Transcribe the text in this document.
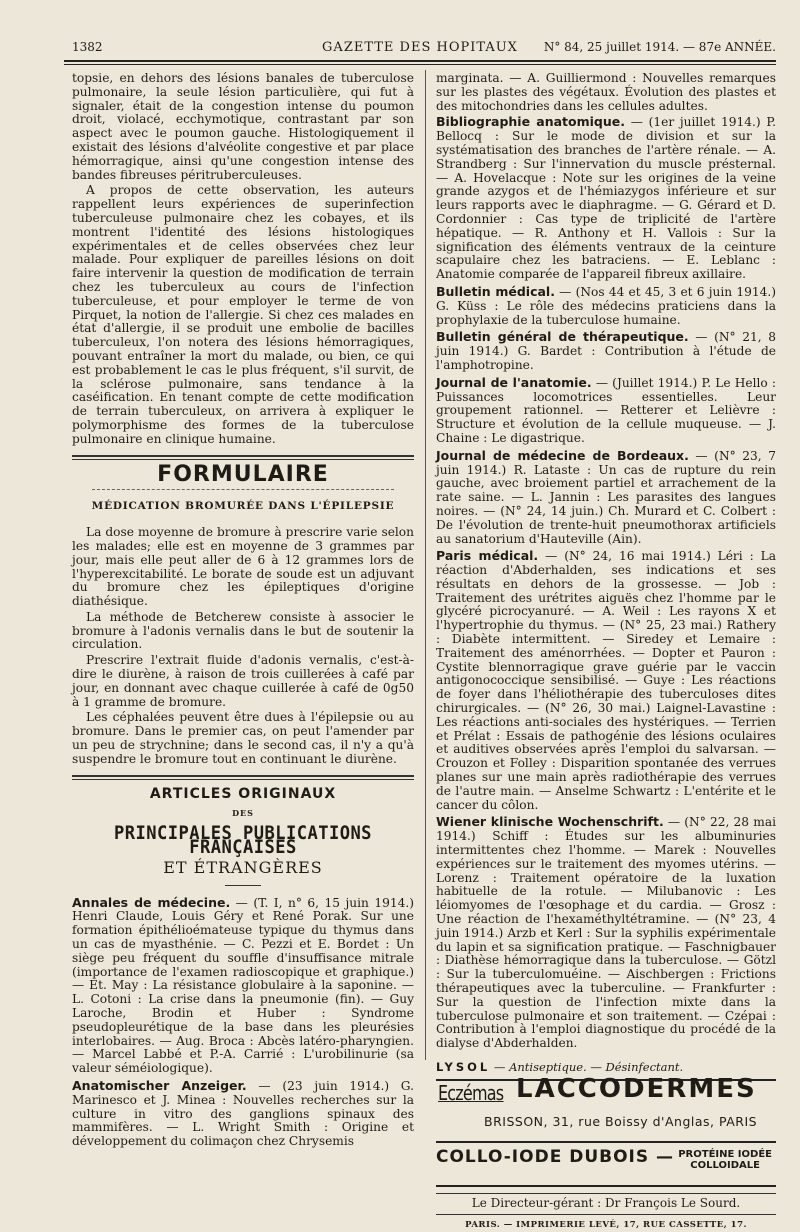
1382	GAZETTE DES HOPITAUX	N° 84, 25 juillet 1914. — 87e ANNÉE.

topsie, en dehors des lésions banales de tuberculose pulmonaire, la seule lésion particulière, qui fut à signaler, était de la congestion intense du poumon droit, violacé, ecchymotique, contrastant par son aspect avec le poumon gauche. Histologiquement il existait des lésions d'alvéolite congestive et par place hémorragique, ainsi qu'une congestion intense des bandes fibreuses péritruberculeuses.

A propos de cette observation, les auteurs rappellent leurs expériences de superinfection tuberculeuse pulmonaire chez les cobayes, et ils montrent l'identité des lésions histologiques expérimentales et de celles observées chez leur malade. Pour expliquer de pareilles lésions on doit faire intervenir la question de modification de terrain chez les tuberculeux au cours de l'infection tuberculeuse, et pour employer le terme de von Pirquet, la notion de l'allergie. Si chez ces malades en état d'allergie, il se produit une embolie de bacilles tuberculeux, l'on notera des lésions hémorragiques, pouvant entraîner la mort du malade, ou bien, ce qui est probablement le cas le plus fréquent, s'il survit, de la sclérose pulmonaire, sans tendance à la caséification. En tenant compte de cette modification de terrain tuberculeux, on arrivera à expliquer le polymorphisme des formes de la tuberculose pulmonaire en clinique humaine.

FORMULAIRE
MÉDICATION BROMURÉE DANS L'ÉPILEPSIE

La dose moyenne de bromure à prescrire varie selon les malades; elle est en moyenne de 3 grammes par jour, mais elle peut aller de 6 à 12 grammes lors de l'hyperexcitabilité. Le borate de soude est un adjuvant du bromure chez les épileptiques d'origine diathésique.

La méthode de Betcherew consiste à associer le bromure à l'adonis vernalis dans le but de soutenir la circulation.

Prescrire l'extrait fluide d'adonis vernalis, c'est-à-dire le diurène, à raison de trois cuillerées à café par jour, en donnant avec chaque cuillerée à café de 0g50 à 1 gramme de bromure.

Les céphalées peuvent être dues à l'épilepsie ou au bromure. Dans le premier cas, on peut l'amender par un peu de strychnine; dans le second cas, il n'y a qu'à suspendre le bromure tout en continuant le diurène.

ARTICLES ORIGINAUX
DES
PRINCIPALES PUBLICATIONS FRANÇAISES
ET ÉTRANGÈRES

Annales de médecine. — (T. I, n° 6, 15 juin 1914.) Henri Claude, Louis Géry et René Porak. Sur une formation épithélioémateuse typique du thymus dans un cas de myasthénie. — C. Pezzi et E. Bordet : Un siège peu fréquent du souffle d'insuffisance mitrale (importance de l'examen radioscopique et graphique.) — Et. May : La résistance globulaire à la saponine. — L. Cotoni : La crise dans la pneumonie (fin). — Guy Laroche, Brodin et Huber : Syndrome pseudopleurétique de la base dans les pleurésies interlobaires. — Aug. Broca : Abcès latéro-pharyngien. — Marcel Labbé et P.-A. Carrié : L'urobilinurie (sa valeur séméiologique).

Anatomischer Anzeiger. — (23 juin 1914.) G. Marinesco et J. Minea : Nouvelles recherches sur la culture in vitro des ganglions spinaux des mammifères. — L. Wright Smith : Origine et développement du colimaçon chez Chrysemis

marginata. — A. Guilliermond : Nouvelles remarques sur les plastes des végétaux. Évolution des plastes et des mitochondries dans les cellules adultes.

Bibliographie anatomique. — (1er juillet 1914.) P. Bellocq : Sur le mode de division et sur la systématisation des branches de l'artère rénale. — A. Strandberg : Sur l'innervation du muscle présternal. — A. Hovelacque : Note sur les origines de la veine grande azygos et de l'hémiazygos inférieure et sur leurs rapports avec le diaphragme. — G. Gérard et D. Cordonnier : Cas type de triplicité de l'artère hépatique. — R. Anthony et H. Vallois : Sur la signification des éléments ventraux de la ceinture scapulaire chez les batraciens. — E. Leblanc : Anatomie comparée de l'appareil fibreux axillaire.

Bulletin médical. — (Nos 44 et 45, 3 et 6 juin 1914.) G. Küss : Le rôle des médecins praticiens dans la prophylaxie de la tuberculose humaine.

Bulletin général de thérapeutique. — (N° 21, 8 juin 1914.) G. Bardet : Contribution à l'étude de l'amphotropine.

Journal de l'anatomie. — (Juillet 1914.) P. Le Hello : Puissances locomotrices essentielles. Leur groupement rationnel. — Retterer et Lelièvre : Structure et évolution de la cellule muqueuse. — J. Chaine : Le digastrique.

Journal de médecine de Bordeaux. — (N° 23, 7 juin 1914.) R. Lataste : Un cas de rupture du rein gauche, avec broiement partiel et arrachement de la rate saine. — L. Jannin : Les parasites des langues noires. — (N° 24, 14 juin.) Ch. Murard et C. Colbert : De l'évolution de trente-huit pneumothorax artificiels au sanatorium d'Hauteville (Ain).

Paris médical. — (N° 24, 16 mai 1914.) Léri : La réaction d'Abderhalden, ses indications et ses résultats en dehors de la grossesse. — Job : Traitement des urétrites aiguës chez l'homme par le glycéré picrocyanuré. — A. Weil : Les rayons X et l'hypertrophie du thymus. — (N° 25, 23 mai.) Rathery : Diabète intermittent. — Siredey et Lemaire : Traitement des aménorrhées. — Dopter et Pauron : Cystite blennorragique grave guérie par le vaccin antigonococcique sensibilisé. — Guye : Les réactions de foyer dans l'héliothérapie des tuberculoses dites chirurgicales. — (N° 26, 30 mai.) Laignel-Lavastine : Les réactions anti-sociales des hystériques. — Terrien et Prélat : Essais de pathogénie des lésions oculaires et auditives observées après l'emploi du salvarsan. — Crouzon et Folley : Disparition spontanée des verrues planes sur une main après radiothérapie des verrues de l'autre main. — Anselme Schwartz : L'entérite et le cancer du côlon.

Wiener klinische Wochenschrift. — (N° 22, 28 mai 1914.) Schiff : Études sur les albuminuries intermittentes chez l'homme. — Marek : Nouvelles expériences sur le traitement des myomes utérins. — Lorenz : Traitement opératoire de la luxation habituelle de la rotule. — Milubanovic : Les léiomyomes de l'œsophage et du cardia. — Grosz : Une réaction de l'hexaméthyltétramine. — (N° 23, 4 juin 1914.) Arzb et Kerl : Sur la syphilis expérimentale du lapin et sa signification pratique. — Faschnigbauer : Diathèse hémorragique dans la tuberculose. — Götzl : Sur la tuberculomuéine. — Aischbergen : Frictions thérapeutiques avec la tuberculine. — Frankfurter : Sur la question de l'infection mixte dans la tuberculose pulmonaire et son traitement. — Czépai : Contribution à l'emploi diagnostique du procédé de la dialyse d'Abderhalden.

LYSOL — Antiseptique. — Désinfectant.
Eczémas LACCODERMES
BRISSON, 31, rue Boissy d'Anglas, PARIS
COLLO-IODE DUBOIS — PROTÉINE IODÉE
COLLOIDALE
Le Directeur-gérant : Dr François Le Sourd.
PARIS. — IMPRIMERIE LEVÉ, 17, RUE CASSETTE, 17.
